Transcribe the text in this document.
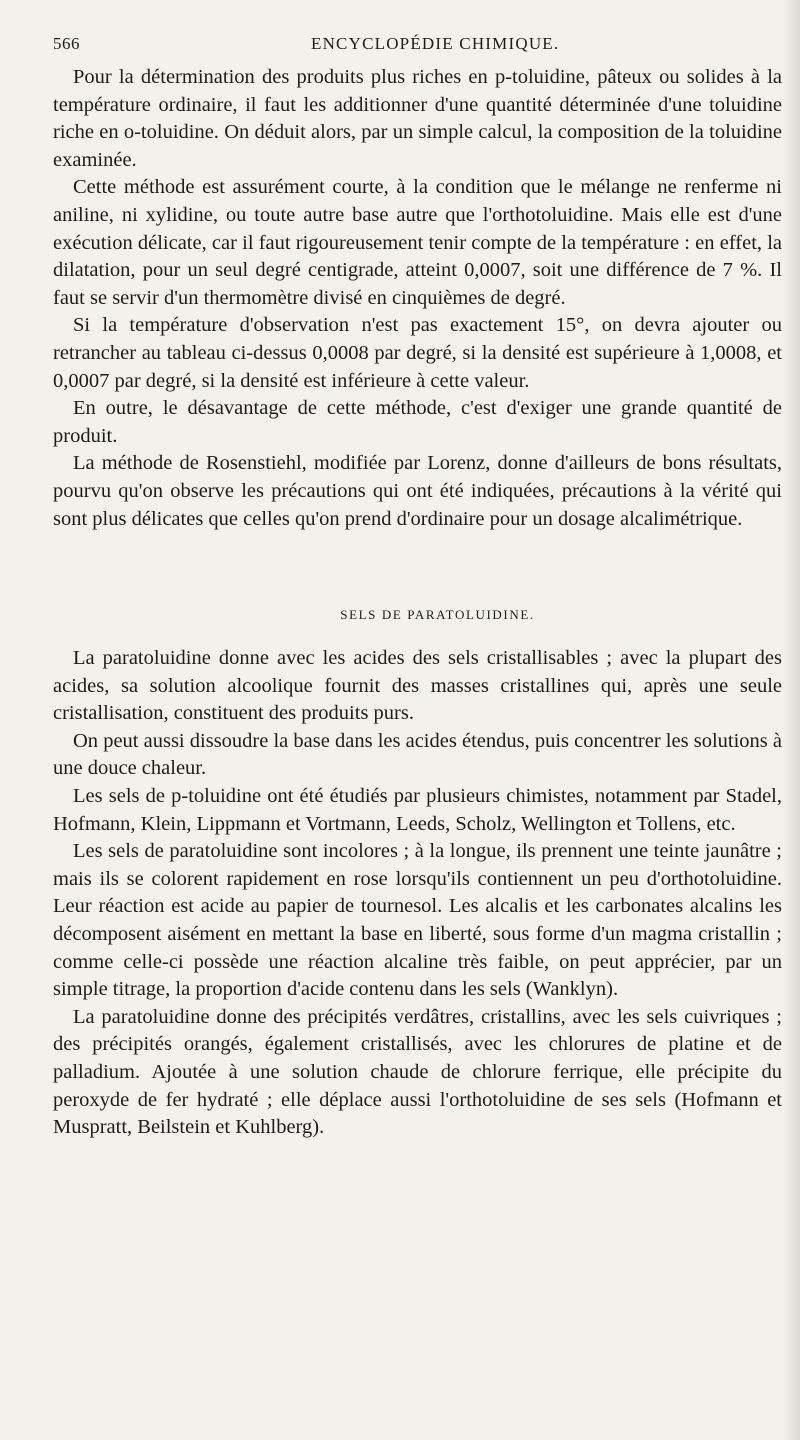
566	ENCYCLOPÉDIE CHIMIQUE.

Pour la détermination des produits plus riches en p-toluidine, pâteux ou solides à la température ordinaire, il faut les additionner d'une quantité déterminée d'une toluidine riche en o-toluidine. On déduit alors, par un simple calcul, la composition de la toluidine examinée.

Cette méthode est assurément courte, à la condition que le mélange ne renferme ni aniline, ni xylidine, ou toute autre base autre que l'orthotoluidine. Mais elle est d'une exécution délicate, car il faut rigoureusement tenir compte de la température : en effet, la dilatation, pour un seul degré centigrade, atteint 0,0007, soit une différence de 7 %. Il faut se servir d'un thermomètre divisé en cinquièmes de degré.

Si la température d'observation n'est pas exactement 15°, on devra ajouter ou retrancher au tableau ci-dessus 0,0008 par degré, si la densité est supérieure à 1,0008, et 0,0007 par degré, si la densité est inférieure à cette valeur.

En outre, le désavantage de cette méthode, c'est d'exiger une grande quantité de produit.

La méthode de Rosenstiehl, modifiée par Lorenz, donne d'ailleurs de bons résultats, pourvu qu'on observe les précautions qui ont été indiquées, précautions à la vérité qui sont plus délicates que celles qu'on prend d'ordinaire pour un dosage alcalimétrique.

SELS DE PARATOLUIDINE.

La paratoluidine donne avec les acides des sels cristallisables ; avec la plupart des acides, sa solution alcoolique fournit des masses cristallines qui, après une seule cristallisation, constituent des produits purs.

On peut aussi dissoudre la base dans les acides étendus, puis concentrer les solutions à une douce chaleur.

Les sels de p-toluidine ont été étudiés par plusieurs chimistes, notamment par Stadel, Hofmann, Klein, Lippmann et Vortmann, Leeds, Scholz, Wellington et Tollens, etc.

Les sels de paratoluidine sont incolores ; à la longue, ils prennent une teinte jaunâtre ; mais ils se colorent rapidement en rose lorsqu'ils contiennent un peu d'orthotoluidine. Leur réaction est acide au papier de tournesol. Les alcalis et les carbonates alcalins les décomposent aisément en mettant la base en liberté, sous forme d'un magma cristallin ; comme celle-ci possède une réaction alcaline très faible, on peut apprécier, par un simple titrage, la proportion d'acide contenu dans les sels (Wanklyn).

La paratoluidine donne des précipités verdâtres, cristallins, avec les sels cuivriques ; des précipités orangés, également cristallisés, avec les chlorures de platine et de palladium. Ajoutée à une solution chaude de chlorure ferrique, elle précipite du peroxyde de fer hydraté ; elle déplace aussi l'orthotoluidine de ses sels (Hofmann et Muspratt, Beilstein et Kuhlberg).
